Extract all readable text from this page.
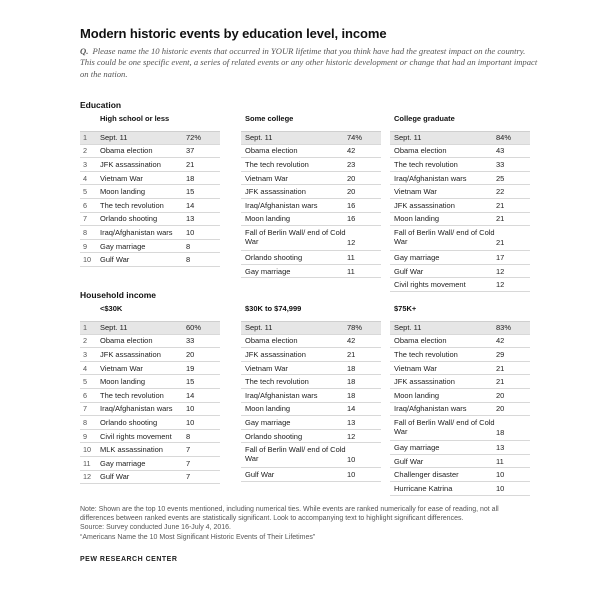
Modern historic events by education level, income
Q. Please name the 10 historic events that occurred in YOUR lifetime that you think have had the greatest impact on the country. This could be one specific event, a series of related events or any other historic development or change that had an important impact on the nation.
Education
High school or less
1	Sept. 11	72%
2	Obama election	37
3	JFK assassination	21
4	Vietnam War	18
5	Moon landing	15
6	The tech revolution	14
7	Orlando shooting	13
8	Iraq/Afghanistan wars	10
9	Gay marriage	8
10	Gulf War	8
Some college
Sept. 11	74%
Obama election	42
The tech revolution	23
Vietnam War	20
JFK assassination	20
Iraq/Afghanistan wars	16
Moon landing	16
Fall of Berlin Wall/ end of Cold War	12
Orlando shooting	11
Gay marriage	11
College graduate
Sept. 11	84%
Obama election	43
The tech revolution	33
Iraq/Afghanistan wars	25
Vietnam War	22
JFK assassination	21
Moon landing	21
Fall of Berlin Wall/ end of Cold War	21
Gay marriage	17
Gulf War	12
Civil rights movement	12
Household income
<$30K
1	Sept. 11	60%
2	Obama election	33
3	JFK assassination	20
4	Vietnam War	19
5	Moon landing	15
6	The tech revolution	14
7	Iraq/Afghanistan wars	10
8	Orlando shooting	10
9	Civil rights movement	8
10	MLK assassination	7
11	Gay marriage	7
12	Gulf War	7
$30K to $74,999
Sept. 11	78%
Obama election	42
JFK assassination	21
Vietnam War	18
The tech revolution	18
Iraq/Afghanistan wars	18
Moon landing	14
Gay marriage	13
Orlando shooting	12
Fall of Berlin Wall/ end of Cold War	10
Gulf War	10
$75K+
Sept. 11	83%
Obama election	42
The tech revolution	29
Vietnam War	21
JFK assassination	21
Moon landing	20
Iraq/Afghanistan wars	20
Fall of Berlin Wall/ end of Cold War	18
Gay marriage	13
Gulf War	11
Challenger disaster	10
Hurricane Katrina	10
Note: Shown are the top 10 events mentioned, including numerical ties. While events are ranked numerically for ease of reading, not all differences between ranked events are statistically significant. Look to accompanying text to highlight significant differences.
Source: Survey conducted June 16-July 4, 2016.
“Americans Name the 10 Most Significant Historic Events of Their Lifetimes”
PEW RESEARCH CENTER
